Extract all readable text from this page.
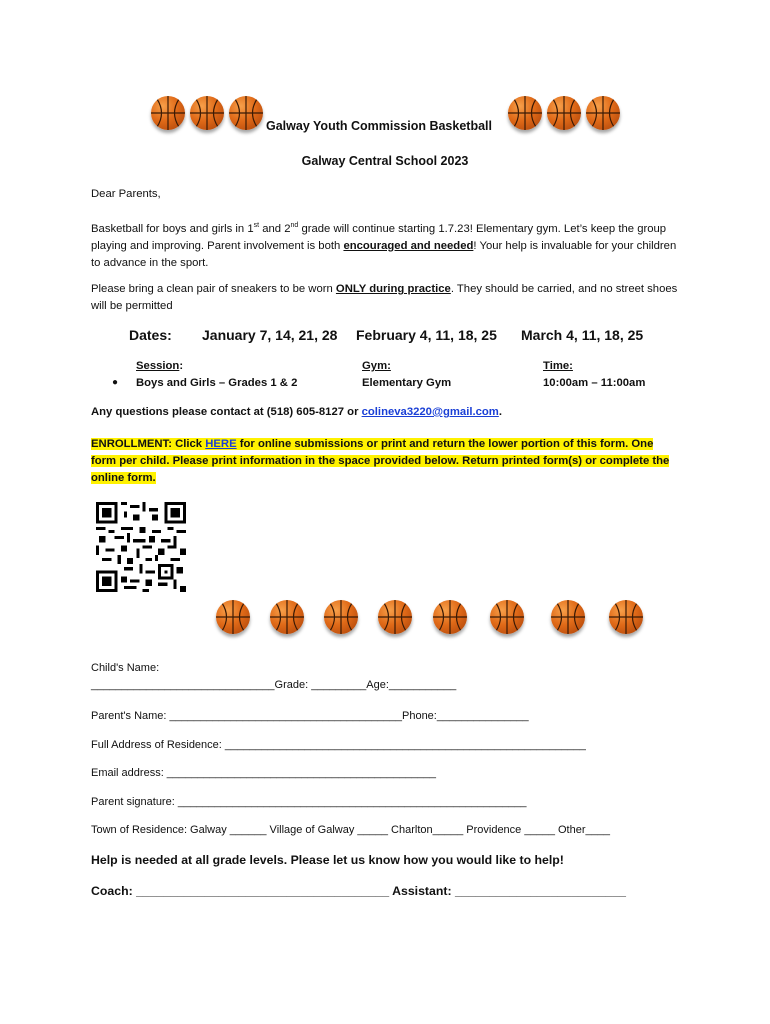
Galway Youth Commission Basketball
Galway Central School 2023
Dear Parents,

Basketball for boys and girls in 1st and 2nd grade will continue starting 1.7.23! Elementary gym. Let’s keep the group playing and improving. Parent involvement is both encouraged and needed! Your help is invaluable for your children to advance in the sport.

Please bring a clean pair of sneakers to be worn ONLY during practice. They should be carried, and no street shoes will be permitted

Dates: January 7, 14, 21, 28 February 4, 11, 18, 25 March 4, 11, 18, 25
Session:
● Boys and Girls – Grades 1 & 2
Gym:
Elementary Gym
Time:
10:00am – 11:00am
Any questions please contact at (518) 605-8127 or colineva3220@gmail.com.

ENROLLMENT: Click HERE for online submissions or print and return the lower portion of this form. One form per child. Please print information in the space provided below. Return printed form(s) or complete the online form.

Child's Name:
______________________________Grade: _________Age:___________
Parent's Name: ______________________________________Phone:_______________
Full Address of Residence: ___________________________________________________________
Email address: ____________________________________________
Parent signature: _________________________________________________________
Town of Residence: Galway ______ Village of Galway _____ Charlton_____ Providence _____ Other____
Help is needed at all grade levels. Please let us know how you would like to help!
Coach: _____________________________________ Assistant: _________________________
